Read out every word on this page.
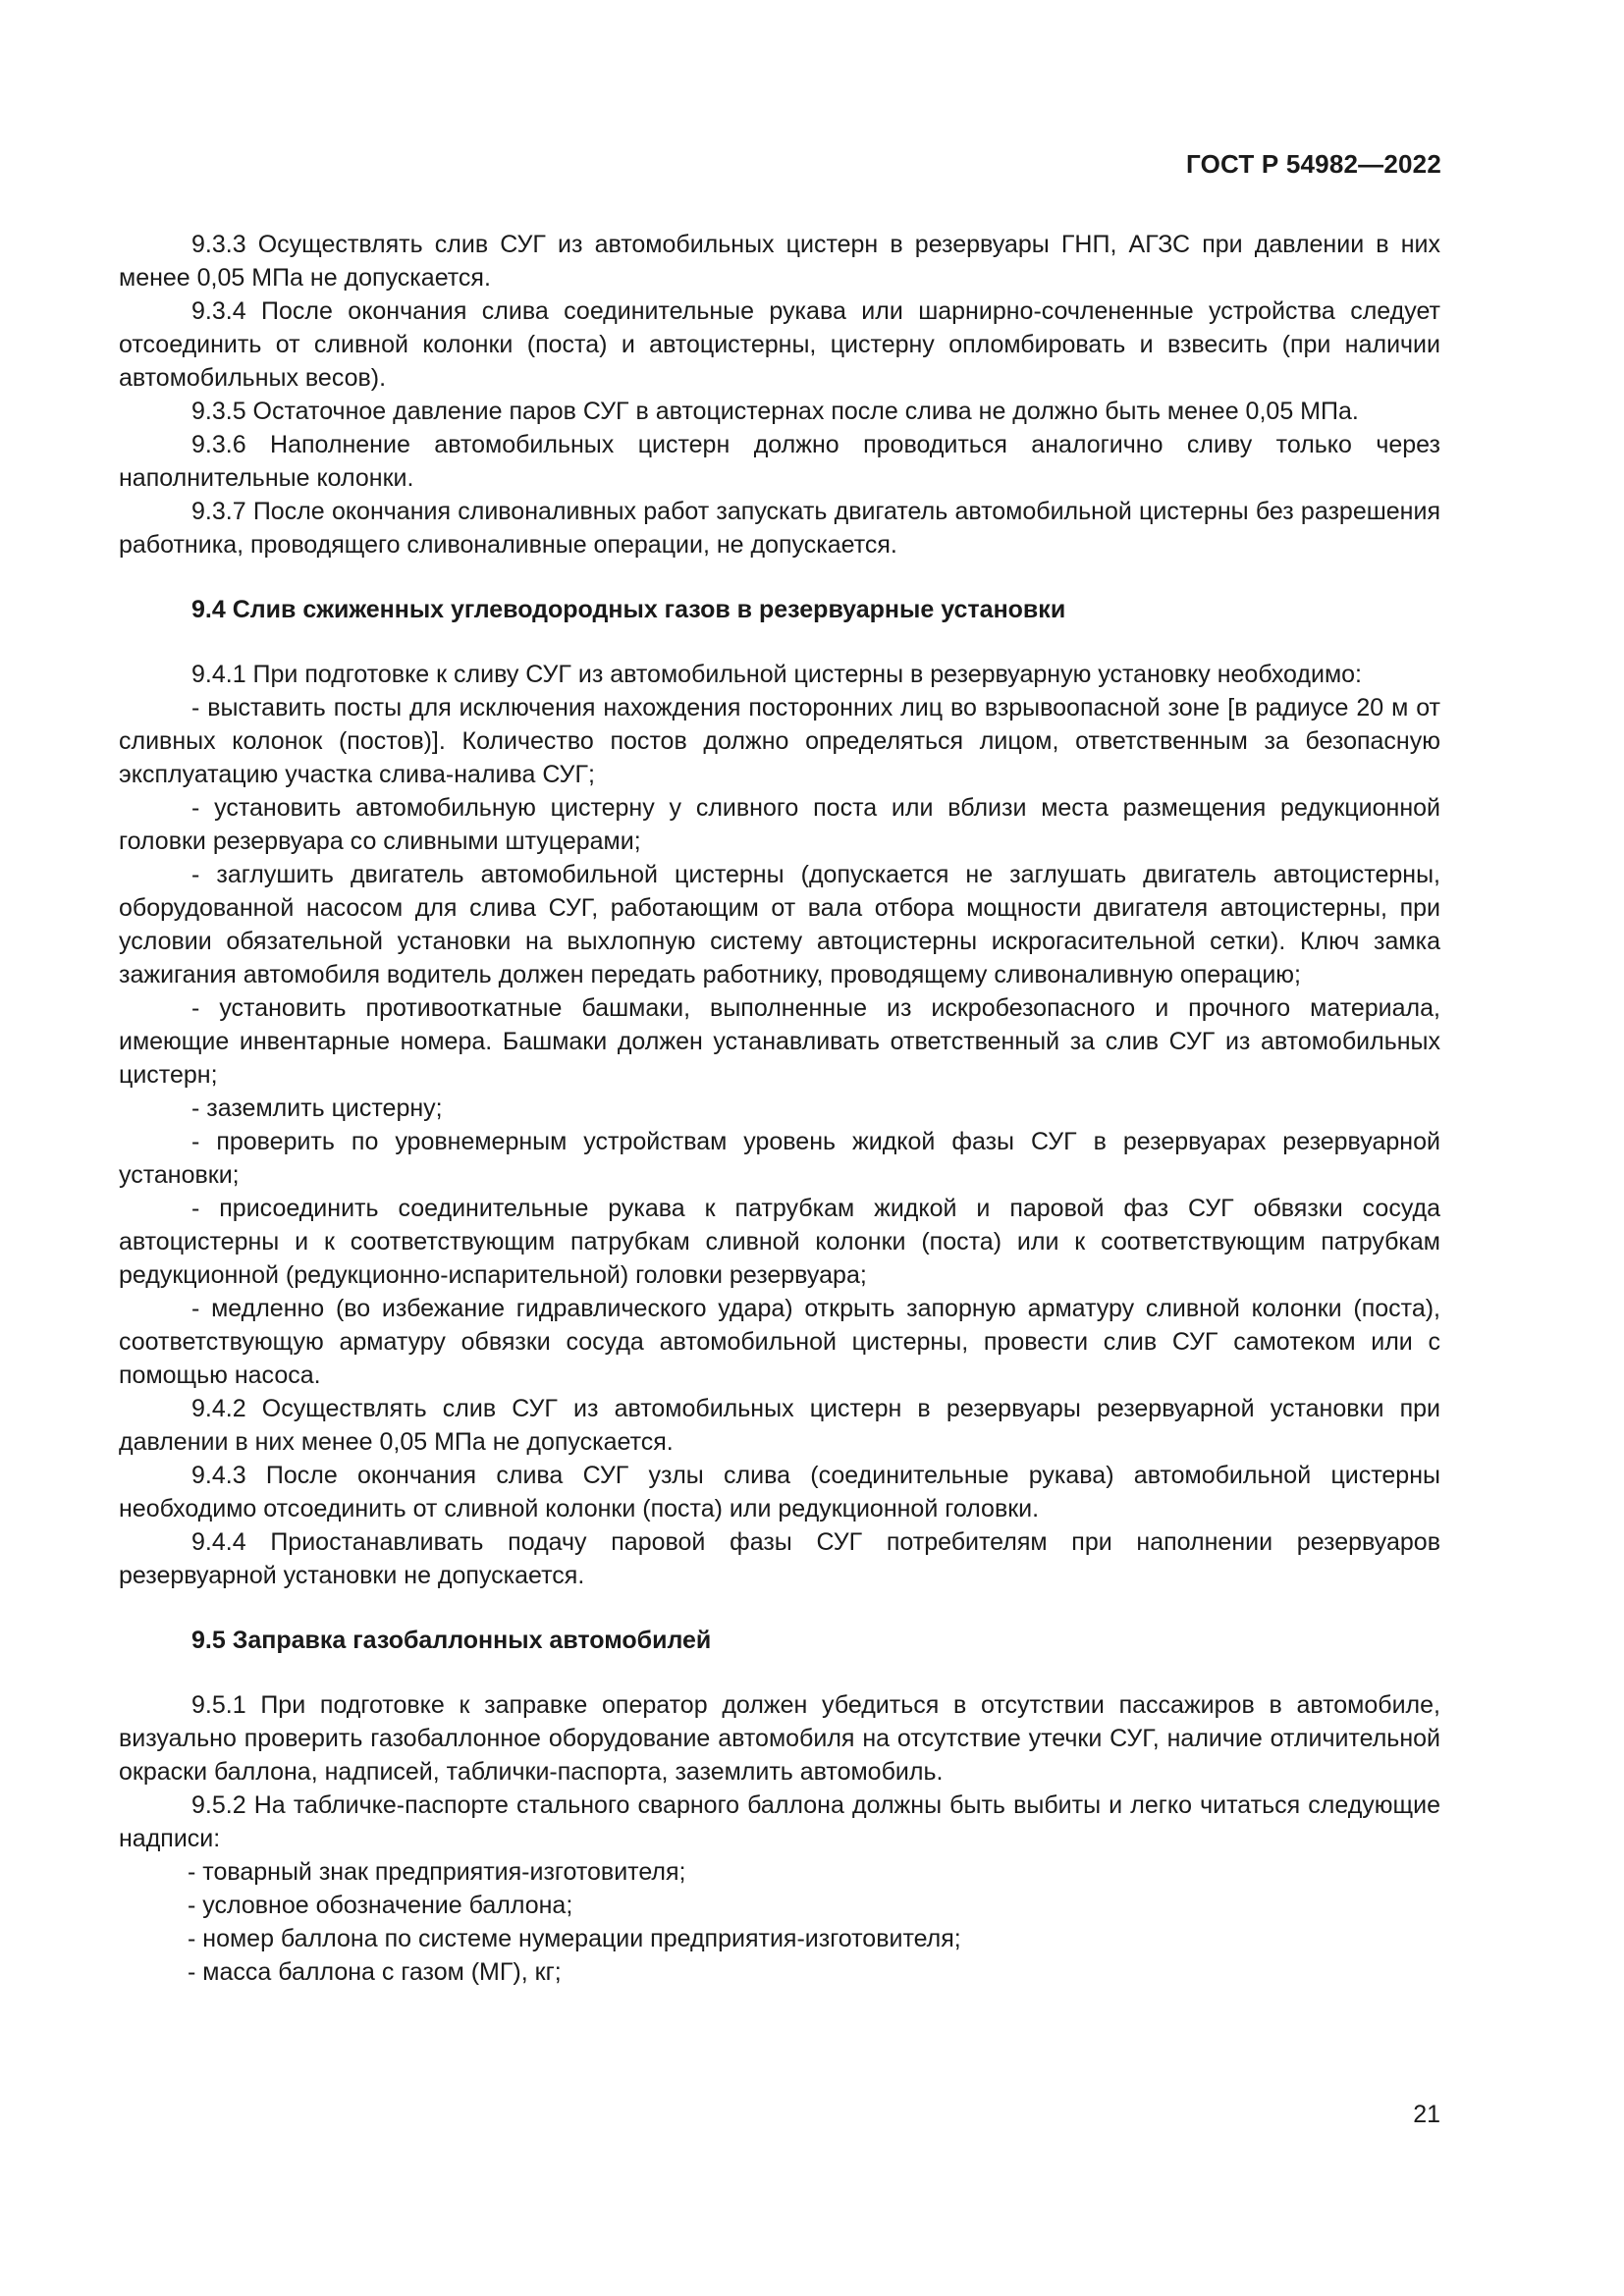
ГОСТ Р 54982—2022

9.3.3 Осуществлять слив СУГ из автомобильных цистерн в резервуары ГНП, АГЗС при давлении в них менее 0,05 МПа не допускается.

9.3.4 После окончания слива соединительные рукава или шарнирно-сочлененные устройства следует отсоединить от сливной колонки (поста) и автоцистерны, цистерну опломбировать и взвесить (при наличии автомобильных весов).

9.3.5 Остаточное давление паров СУГ в автоцистернах после слива не должно быть менее 0,05 МПа.

9.3.6 Наполнение автомобильных цистерн должно проводиться аналогично сливу только через наполнительные колонки.

9.3.7 После окончания сливоналивных работ запускать двигатель автомобильной цистерны без разрешения работника, проводящего сливоналивные операции, не допускается.

9.4 Слив сжиженных углеводородных газов в резервуарные установки

9.4.1 При подготовке к сливу СУГ из автомобильной цистерны в резервуарную установку необходимо:

- выставить посты для исключения нахождения посторонних лиц во взрывоопасной зоне [в радиусе 20 м от сливных колонок (постов)]. Количество постов должно определяться лицом, ответственным за безопасную эксплуатацию участка слива-налива СУГ;

- установить автомобильную цистерну у сливного поста или вблизи места размещения редукционной головки резервуара со сливными штуцерами;

- заглушить двигатель автомобильной цистерны (допускается не заглушать двигатель автоцистерны, оборудованной насосом для слива СУГ, работающим от вала отбора мощности двигателя автоцистерны, при условии обязательной установки на выхлопную систему автоцистерны искрогасительной сетки). Ключ замка зажигания автомобиля водитель должен передать работнику, проводящему сливоналивную операцию;

- установить противооткатные башмаки, выполненные из искробезопасного и прочного материала, имеющие инвентарные номера. Башмаки должен устанавливать ответственный за слив СУГ из автомобильных цистерн;

- заземлить цистерну;

- проверить по уровнемерным устройствам уровень жидкой фазы СУГ в резервуарах резервуарной установки;

- присоединить соединительные рукава к патрубкам жидкой и паровой фаз СУГ обвязки сосуда автоцистерны и к соответствующим патрубкам сливной колонки (поста) или к соответствующим патрубкам редукционной (редукционно-испарительной) головки резервуара;

- медленно (во избежание гидравлического удара) открыть запорную арматуру сливной колонки (поста), соответствующую арматуру обвязки сосуда автомобильной цистерны, провести слив СУГ самотеком или с помощью насоса.

9.4.2 Осуществлять слив СУГ из автомобильных цистерн в резервуары резервуарной установки при давлении в них менее 0,05 МПа не допускается.

9.4.3 После окончания слива СУГ узлы слива (соединительные рукава) автомобильной цистерны необходимо отсоединить от сливной колонки (поста) или редукционной головки.

9.4.4 Приостанавливать подачу паровой фазы СУГ потребителям при наполнении резервуаров резервуарной установки не допускается.

9.5 Заправка газобаллонных автомобилей

9.5.1 При подготовке к заправке оператор должен убедиться в отсутствии пассажиров в автомобиле, визуально проверить газобаллонное оборудование автомобиля на отсутствие утечки СУГ, наличие отличительной окраски баллона, надписей, таблички-паспорта, заземлить автомобиль.

9.5.2 На табличке-паспорте стального сварного баллона должны быть выбиты и легко читаться следующие надписи:

- товарный знак предприятия-изготовителя;

- условное обозначение баллона;

- номер баллона по системе нумерации предприятия-изготовителя;

- масса баллона с газом (МГ), кг;

21
